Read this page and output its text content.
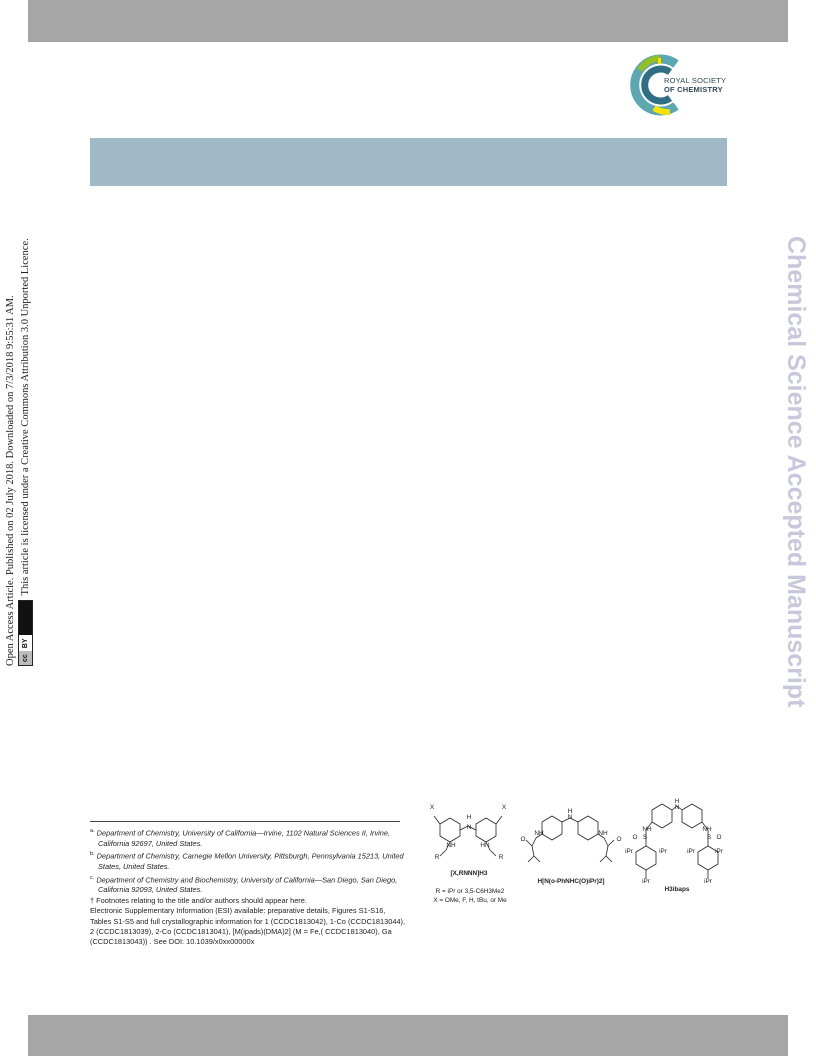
ROYAL SOCIETY
OF CHEMISTRY
Open Access Article. Published on 02 July 2018. Downloaded on 7/3/2018 9:55:31 AM. cc
BY
This article is licensed under a Creative Commons Attribution 3.0 Unported Licence.	Chemical Science Accepted Manuscript

$^{a.}$ Department of Chemistry, University of California—Irvine, 1102 Natural Sciences II, Irvine, California 92697, United States.

$^{b.}$ Department of Chemistry, Carnegie Mellon University, Pittsburgh, Pennsylvania 15213, United States, United States.

$^{c.}$ Department of Chemistry and Biochemistry, University of California—San Diego, San Diego, California 92093, United States.

† Footnotes relating to the title and/or authors should appear here.

Electronic Supplementary Information (ESI) available: preparative details, Figures S1-S16, Tables S1-S5 and full crystallographic information for 1 (CCDC1813042), 1-Co (CCDC1813044), 2 (CCDC1813039), 2-Co (CCDC1813041), [M(ipads)(DMA)2] (M = Fe,( CCDC1813040), Ga (CCDC1813043)) . See DOI: 10.1039/x0xx00000x

X	X
NH	HN
H
N
R	R
[X,RNNN]H3
R = iPr or 3,5-C6H3Me2
X = OMe, F, H, tBu, or Me
H
N
NH	NH
O	O
H[N(o-PhNHC(O)iPr)2]
NH	NH
H
N
S	S
O	O
iPr	iPr	iPr	iPr
iPr	iPr
H3ibaps
